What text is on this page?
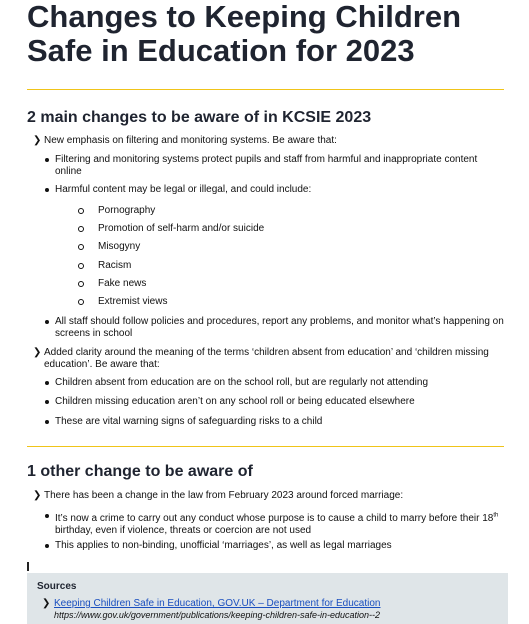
Changes to Keeping Children Safe in Education for 2023
2 main changes to be aware of in KCSIE 2023
❯ New emphasis on filtering and monitoring systems. Be aware that:
Filtering and monitoring systems protect pupils and staff from harmful and inappropriate content online
Harmful content may be legal or illegal, and could include:
Pornography
Promotion of self-harm and/or suicide
Misogyny
Racism
Fake news
Extremist views
All staff should follow policies and procedures, report any problems, and monitor what’s happening on screens in school
❯ Added clarity around the meaning of the terms ‘children absent from education’ and ‘children missing education’. Be aware that:
Children absent from education are on the school roll, but are regularly not attending
Children missing education aren’t on any school roll or being educated elsewhere
These are vital warning signs of safeguarding risks to a child
1 other change to be aware of
❯ There has been a change in the law from February 2023 around forced marriage:
It’s now a crime to carry out any conduct whose purpose is to cause a child to marry before their 18th birthday, even if violence, threats or coercion are not used
This applies to non-binding, unofficial ‘marriages’, as well as legal marriages
Sources
❯ Keeping Children Safe in Education, GOV.UK – Department for Education
https://www.gov.uk/government/publications/keeping-children-safe-in-education--2
